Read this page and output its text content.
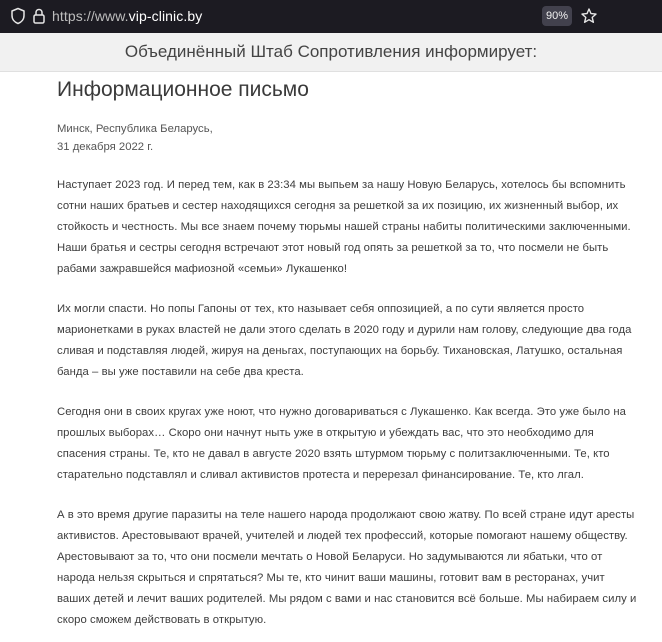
https://www.vip-clinic.by	90%
Объединённый Штаб Сопротивления информирует:
Информационное письмо
Минск, Республика Беларусь,
31 декабря 2022 г.

Наступает 2023 год. И перед тем, как в 23:34 мы выпьем за нашу Новую Беларусь, хотелось бы вспомнить сотни наших братьев и сестер находящихся сегодня за решеткой за их позицию, их жизненный выбор, их стойкость и честность. Мы все знаем почему тюрьмы нашей страны набиты политическими заключенными. Наши братья и сестры сегодня встречают этот новый год опять за решеткой за то, что посмели не быть рабами зажравшейся мафиозной «семьи» Лукашенко!

Их могли спасти. Но попы Гапоны от тех, кто называет себя оппозицией, а по сути является просто марионетками в руках властей не дали этого сделать в 2020 году и дурили нам голову, следующие два года сливая и подставляя людей, жируя на деньгах, поступающих на борьбу. Тихановская, Латушко, остальная банда – вы уже поставили на себе два креста.

Сегодня они в своих кругах уже ноют, что нужно договариваться с Лукашенко. Как всегда. Это уже было на прошлых выборах… Скоро они начнут ныть уже в открытую и убеждать вас, что это необходимо для спасения страны. Те, кто не давал в августе 2020 взять штурмом тюрьму с политзаключенными. Те, кто старательно подставлял и сливал активистов протеста и перерезал финансирование. Те, кто лгал.

А в это время другие паразиты на теле нашего народа продолжают свою жатву. По всей стране идут аресты активистов. Арестовывают врачей, учителей и людей тех профессий, которые помогают нашему обществу. Арестовывают за то, что они посмели мечтать о Новой Беларуси. Но задумываются ли ябатьки, что от народа нельзя скрыться и спрятаться? Мы те, кто чинит ваши машины, готовит вам в ресторанах, учит ваших детей и лечит ваших родителей. Мы рядом с вами и нас становится всё больше. Мы набираем силу и скоро сможем действовать в открытую.
